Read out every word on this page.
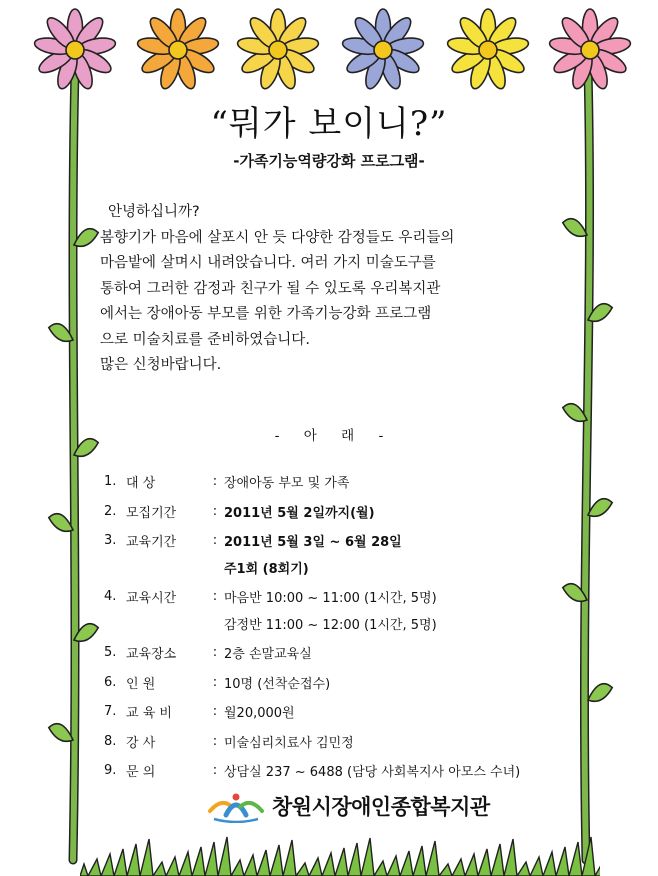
“뭐가 보이니?”
-가족기능역량강화 프로그램-

안녕하십니까?

봄향기가 마음에 살포시 안 듯 다양한 감정들도 우리들의

마음밭에 살며시 내려앉습니다. 여러 가지 미술도구를

통하여 그러한 감정과 친구가 될 수 있도록 우리복지관

에서는 장애아동 부모를 위한 가족기능강화 프로그램

으로 미술치료를 준비하였습니다.

많은 신청바랍니다.

- 아 래 -
1. 대 상	: 장애아동 부모 및 가족
2. 모집기간	: 2011년 5월 2일까지(월)
3. 교육기간	: 2011년 5월 3일 ~ 6월 28일
주1회 (8회기)
4. 교육시간	: 마음반 10:00 ~ 11:00 (1시간, 5명)
감정반 11:00 ~ 12:00 (1시간, 5명)
5. 교육장소	: 2층 손말교육실
6. 인 원	: 10명 (선착순접수)
7. 교 육 비	: 월20,000원
8. 강 사	: 미술심리치료사 김민정
9. 문 의	: 상담실 237 ~ 6488 (담당 사회복지사 아모스 수녀)
창원시장애인종합복지관
